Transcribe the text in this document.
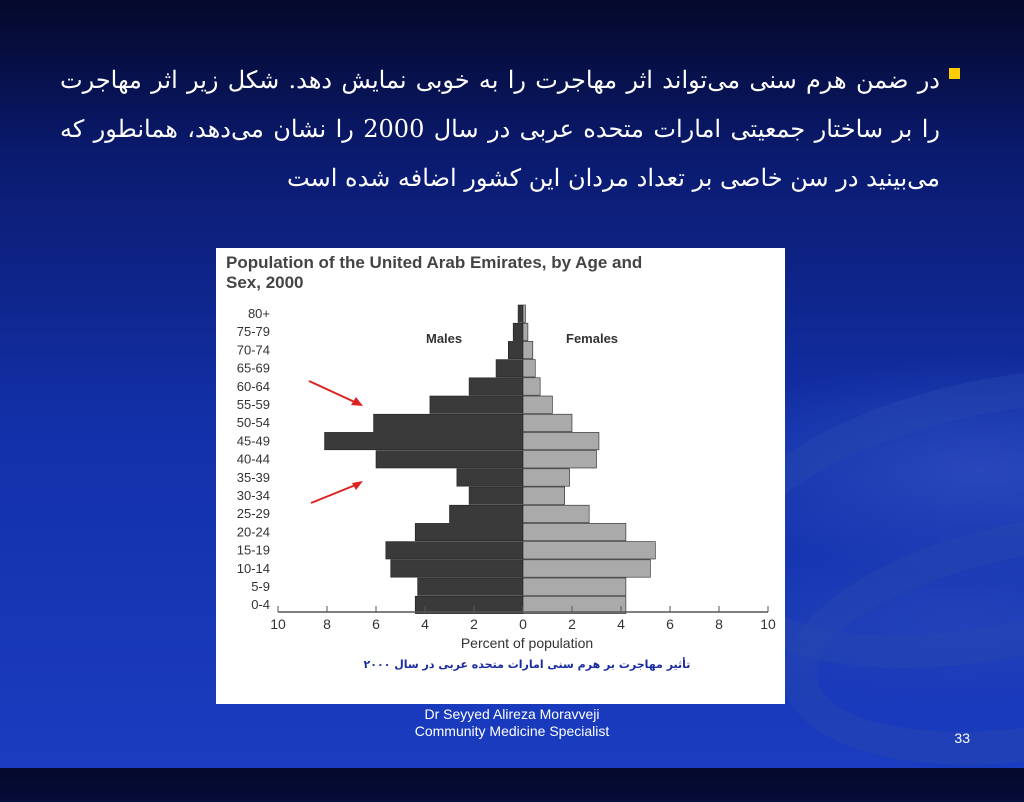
در ضمن هرم سنی می‌تواند اثر مهاجرت را به خوبی نمایش دهد. شکل زیر اثر مهاجرت را بر ساختار جمعیتی امارات متحده عربی در سال 2000 را نشان می‌دهد، همانطور که می‌بینید در سن خاصی بر تعداد مردان این کشور اضافه شده است
Population of the United Arab Emirates, by Age and
Sex, 2000
Males	Females
80+
75-79
70-74
65-69
60-64
55-59
50-54
45-49
40-44
35-39
30-34
25-29
20-24
15-19
10-14
5-9
0-4
10	8	6	4	2	0	2	4	6	8	10
Percent of population
تأثیر مهاجرت بر هرم سنی امارات متحده عربی در سال ۲۰۰۰
Dr Seyyed Alireza Moravveji
Community Medicine Specialist	33
